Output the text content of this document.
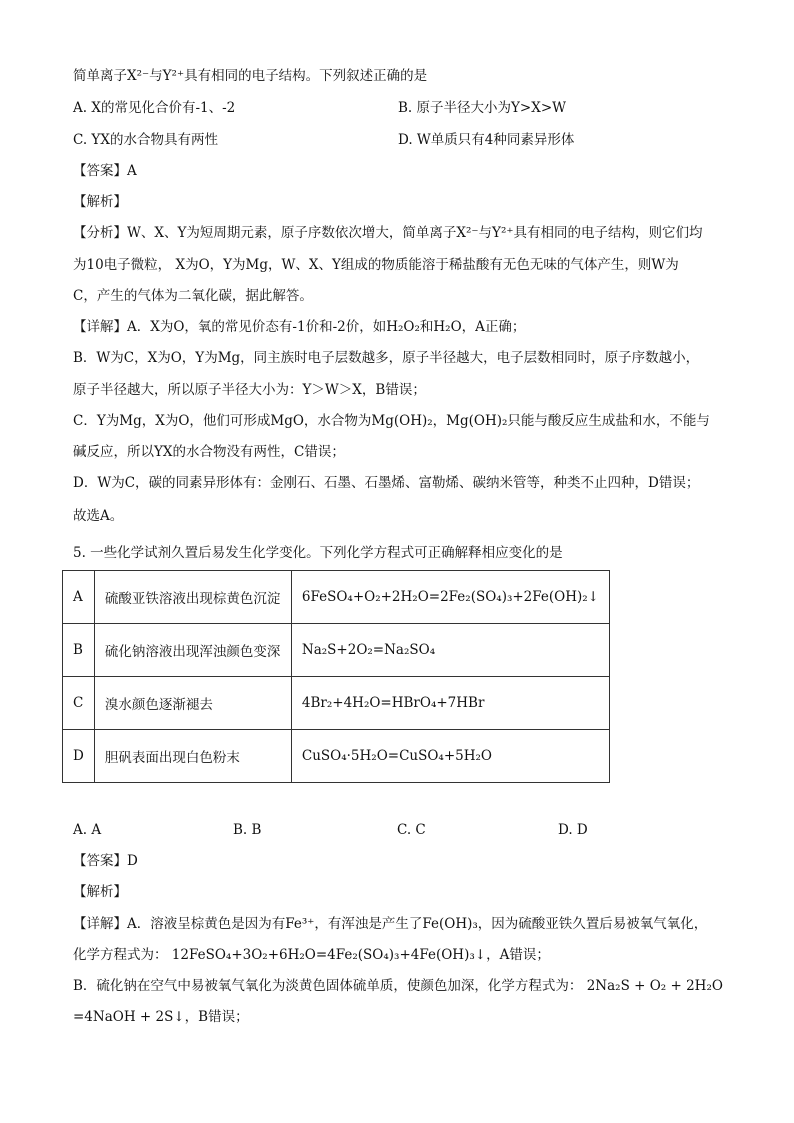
简单离子X²⁻与Y²⁺具有相同的电子结构。下列叙述正确的是
A. X的常见化合价有-1、-2	B. 原子半径大小为Y>X>W
C. YX的水合物具有两性	D. W单质只有4种同素异形体
【答案】A
【解析】
【分析】W、X、Y为短周期元素，原子序数依次增大，简单离子X²⁻与Y²⁺具有相同的电子结构，则它们均
为10电子微粒， X为O，Y为Mg，W、X、Y组成的物质能溶于稀盐酸有无色无味的气体产生，则W为
C，产生的气体为二氧化碳，据此解答。
【详解】A．X为O，氧的常见价态有-1价和-2价，如H₂O₂和H₂O，A正确；
B．W为C，X为O，Y为Mg，同主族时电子层数越多，原子半径越大，电子层数相同时，原子序数越小，
原子半径越大，所以原子半径大小为：Y＞W＞X，B错误；
C．Y为Mg，X为O，他们可形成MgO，水合物为Mg(OH)₂，Mg(OH)₂只能与酸反应生成盐和水，不能与
碱反应，所以YX的水合物没有两性，C错误；
D．W为C，碳的同素异形体有：金刚石、石墨、石墨烯、富勒烯、碳纳米管等，种类不止四种，D错误；
故选A。
5. 一些化学试剂久置后易发生化学变化。下列化学方程式可正确解释相应变化的是
A	硫酸亚铁溶液出现棕黄色沉淀	6FeSO₄+O₂+2H₂O=2Fe₂(SO₄)₃+2Fe(OH)₂↓
B	硫化钠溶液出现浑浊颜色变深	Na₂S+2O₂=Na₂SO₄
C	溴水颜色逐渐褪去	4Br₂+4H₂O=HBrO₄+7HBr
D	胆矾表面出现白色粉末	CuSO₄·5H₂O=CuSO₄+5H₂O
A. A	B. B	C. C	D. D
【答案】D
【解析】
【详解】A．溶液呈棕黄色是因为有Fe³⁺，有浑浊是产生了Fe(OH)₃，因为硫酸亚铁久置后易被氧气氧化，
化学方程式为： 12FeSO₄+3O₂+6H₂O=4Fe₂(SO₄)₃+4Fe(OH)₃↓，A错误；
B．硫化钠在空气中易被氧气氧化为淡黄色固体硫单质，使颜色加深，化学方程式为： 2Na₂S + O₂ + 2H₂O
=4NaOH + 2S↓，B错误；
